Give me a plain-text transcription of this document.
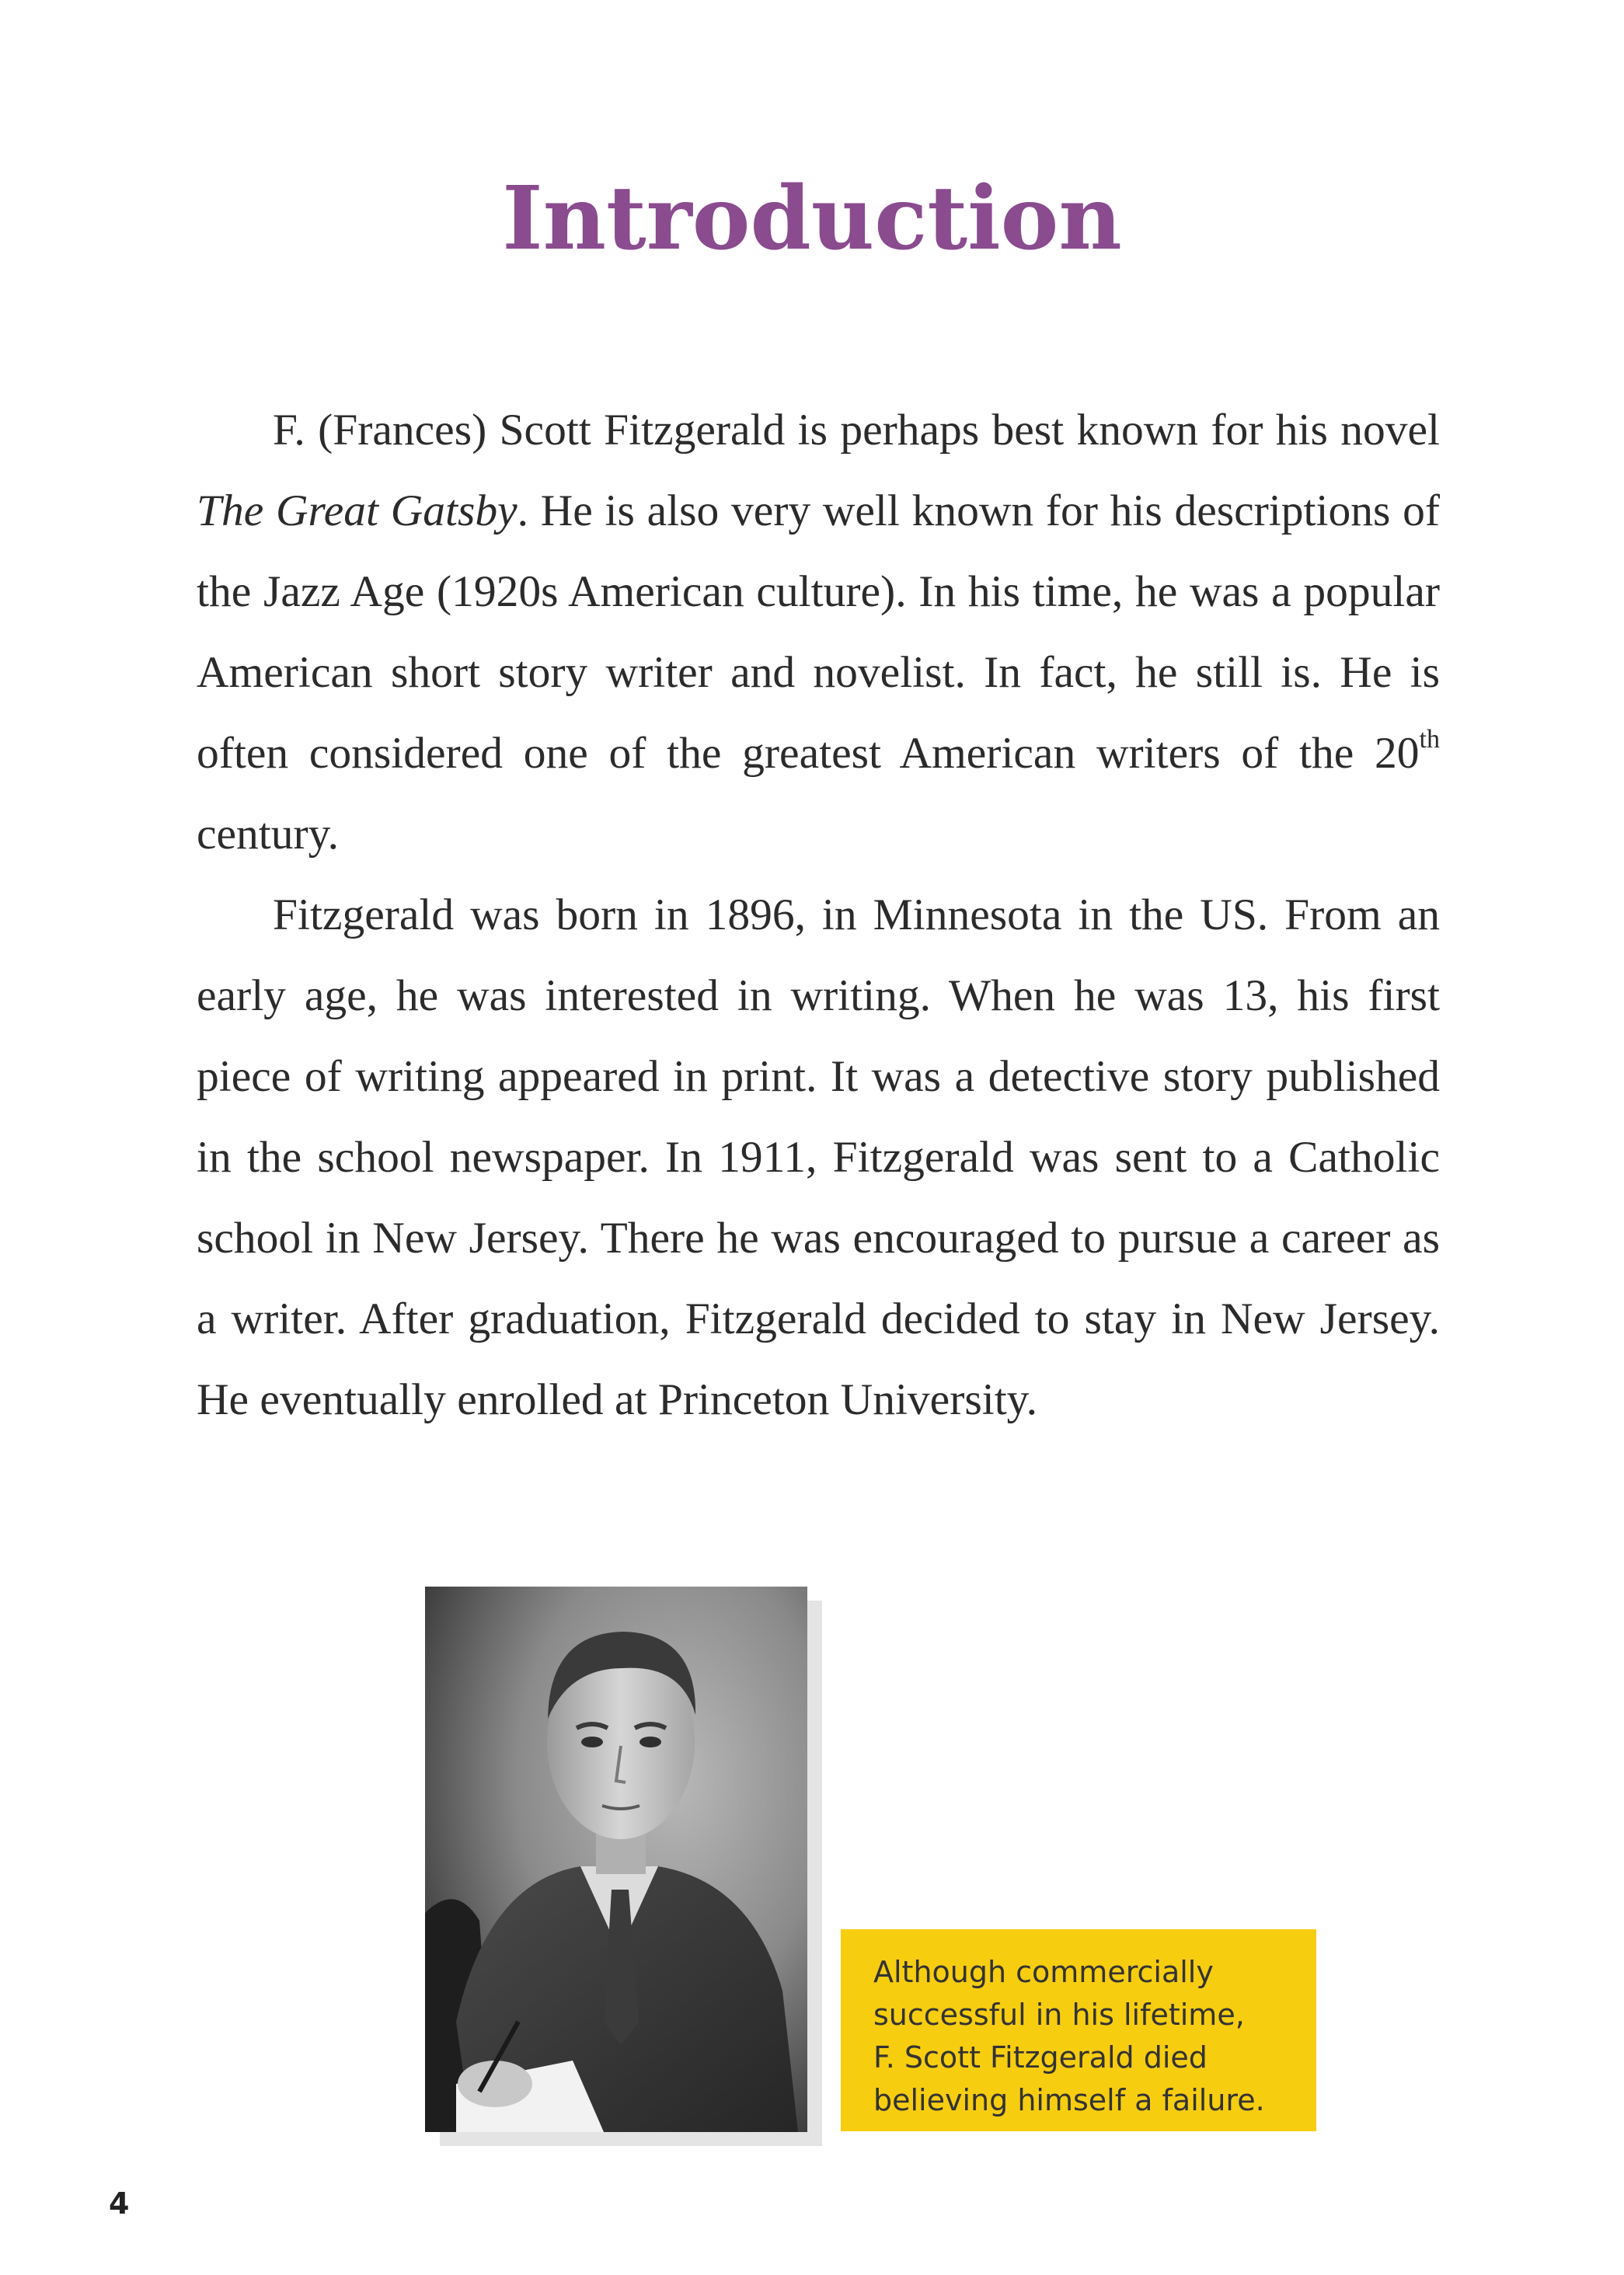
Introduction

F. (Frances) Scott Fitzgerald is perhaps best known for his novel The Great Gatsby. He is also very well known for his descriptions of the Jazz Age (1920s American culture). In his time, he was a popular American short story writer and novelist. In fact, he still is. He is often considered one of the greatest American writers of the 20th century.

Fitzgerald was born in 1896, in Minnesota in the US. From an early age, he was interested in writing. When he was 13, his first piece of writing appeared in print. It was a detective story published in the school newspaper. In 1911, Fitzgerald was sent to a Catholic school in New Jersey. There he was encouraged to pursue a career as a writer. After graduation, Fitzgerald decided to stay in New Jersey. He eventually enrolled at Princeton University.

Although commercially
successful in his lifetime,
F. Scott Fitzgerald died
believing himself a failure.

4
